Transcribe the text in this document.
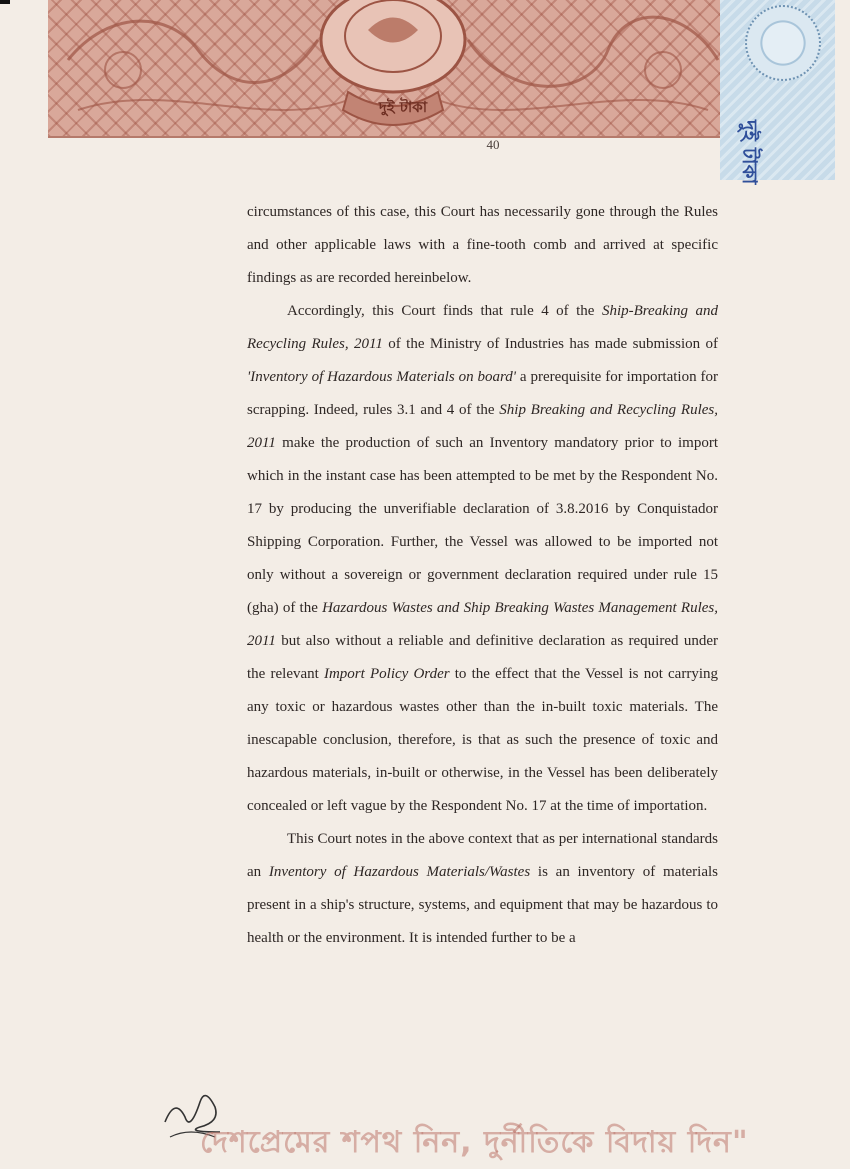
দুই টাকা
দুই টাকা
40

circumstances of this case, this Court has necessarily gone through the Rules and other applicable laws with a fine-tooth comb and arrived at specific findings as are recorded hereinbelow.

Accordingly, this Court finds that rule 4 of the Ship-Breaking and Recycling Rules, 2011 of the Ministry of Industries has made submission of 'Inventory of Hazardous Materials on board' a prerequisite for importation for scrapping. Indeed, rules 3.1 and 4 of the Ship Breaking and Recycling Rules, 2011 make the production of such an Inventory mandatory prior to import which in the instant case has been attempted to be met by the Respondent No. 17 by producing the unverifiable declaration of 3.8.2016 by Conquistador Shipping Corporation. Further, the Vessel was allowed to be imported not only without a sovereign or government declaration required under rule 15 (gha) of the Hazardous Wastes and Ship Breaking Wastes Management Rules, 2011 but also without a reliable and definitive declaration as required under the relevant Import Policy Order to the effect that the Vessel is not carrying any toxic or hazardous wastes other than the in-built toxic materials. The inescapable conclusion, therefore, is that as such the presence of toxic and hazardous materials, in-built or otherwise, in the Vessel has been deliberately concealed or left vague by the Respondent No. 17 at the time of importation.

This Court notes in the above context that as per international standards an Inventory of Hazardous Materials/Wastes is an inventory of materials present in a ship's structure, systems, and equipment that may be hazardous to health or the environment. It is intended further to be a

দেশপ্রেমের শপথ নিন, দুর্নীতিকে বিদায় দিন"
